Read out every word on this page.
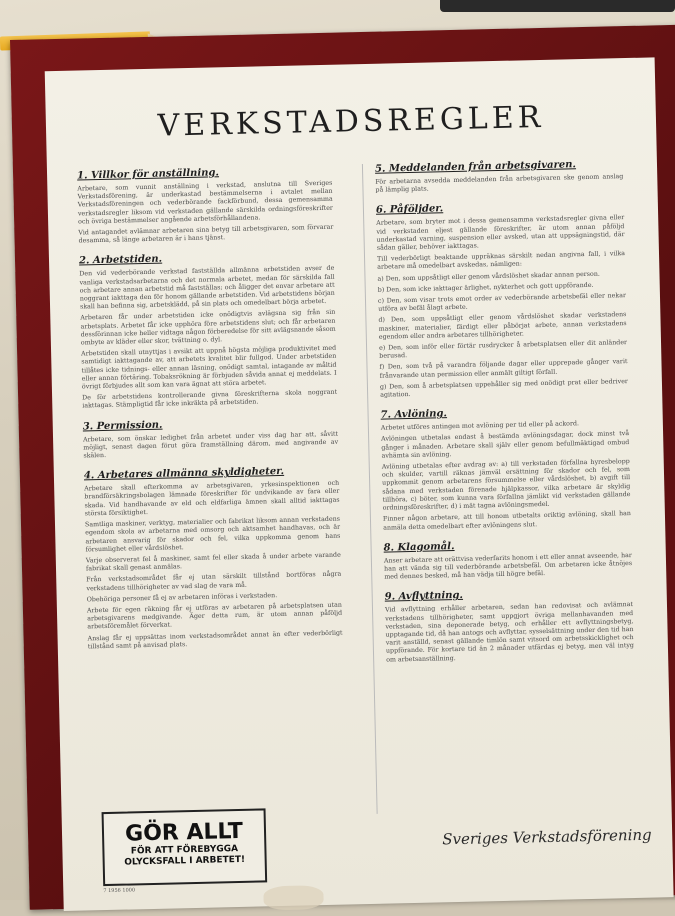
VERKSTADSREGLER
1. Villkor för anställning.

Arbetare, som vunnit anställning i verkstad, anslutna till Sveriges Verkstadsförening, är underkastad bestämmelserna i avtalet mellan Verkstadsföreningen och vederbörande fackförbund, dessa gemensamma verkstadsregler liksom vid verkstaden gällande särskilda ordningsföreskrifter och övriga bestämmelser angående arbetsförhållandena.

Vid antagandet avlämnar arbetaren sina betyg till arbetsgivaren, som förvarar desamma, så länge arbetaren är i hans tjänst.

2. Arbetstiden.

Den vid vederbörande verkstad fastställda allmänna arbetstiden avser de vanliga verkstadsarbetarna och det normala arbetet, medan för särskilda fall och arbetare annan arbetstid må fastställas; och åligger det envar arbetare att noggrant iakttaga den för honom gällande arbetstiden. Vid arbetstidens början skall han befinna sig, arbetsklädd, på sin plats och omedelbart börja arbetet.

Arbetaren får under arbetstiden icke onödigtvis avlägsna sig från sin arbetsplats. Arbetet får icke upphöra före arbetstidens slut; och får arbetaren dessförinnan icke heller vidtaga någon förberedelse för sitt avlägsnande såsom ombyte av kläder eller skor, tvättning o. dyl.

Arbetstiden skall utnyttjas i avsikt att uppnå högsta möjliga produktivitet med samtidigt iakttagande av, att arbetets kvalitet blir fullgod. Under arbetstiden tillåtes icke tidnings- eller annan läsning, onödigt samtal, intagande av måltid eller annan förtäring. Tobaksrökning är förbjuden såvida annat ej meddelats. I övrigt förbjudes allt som kan vara ägnat att störa arbetet.

De för arbetstidens kontrollerande givna föreskrifterna skola noggrant iakttagas. Stämpligtid får icke inkräkta på arbetstiden.

3. Permission.

Arbetare, som önskar ledighet från arbetet under viss dag har att, såvitt möjligt, senast dagen förut göra framställning därom, med angivande av skälen.

4. Arbetares allmänna skyldigheter.

Arbetare skall efterkomma av arbetsgivaren, yrkesinspektionen och brandförsäkringsbolagen lämnade föreskrifter för undvikande av fara eller skada. Vid handhavande av eld och eldfarliga ämnen skall alltid iakttagas största försiktighet.

Samtliga maskiner, verktyg, materialier och fabrikat liksom annan verkstadens egendom skola av arbetarna med omsorg och aktsamhet handhavas, och är arbetaren ansvarig för skador och fel, vilka uppkomma genom hans försumlighet eller vårdslöshet.

Varje observerat fel å maskiner, samt fel eller skada å under arbete varande fabrikat skall genast anmälas.

Från verkstadsområdet får ej utan särskilt tillstånd bortföras några verkstadens tillhörigheter av vad slag de vara må.

Obehöriga personer få ej av arbetaren införas i verkstaden.

Arbete för egen räkning får ej utföras av arbetaren på arbetsplatsen utan arbetsgivarens medgivande. Äger detta rum, är utom annan påföljd arbetsföremålet förverkat.

Anslag får ej uppsättas inom verkstadsområdet annat än efter vederbörligt tillstånd samt på anvisad plats.

5. Meddelanden från arbetsgivaren.

För arbetarna avsedda meddelanden från arbetsgivaren ske genom anslag på lämplig plats.

6. Påföljder.

Arbetare, som bryter mot i dessa gemensamma verkstadsregler givna eller vid verkstaden eljest gällande föreskrifter, är utom annan påföljd underkastad varning, suspension eller avsked, utan att uppsägningstid, där sådan gäller, behöver iakttagas.

Till vederbörligt beaktande uppräknas särskilt nedan angivna fall, i vilka arbetare må omedelbart avskedas, nämligen:

a) Den, som uppsåtligt eller genom vårdslöshet skadar annan person.

b) Den, som icke iakttager ärlighet, nykterhet och gott uppförande.

c) Den, som visar trots emot order av vederbörande arbetsbefäl eller nekar utföra av befäl ålagt arbete.

d) Den, som uppsåtligt eller genom vårdslöshet skadar verkstadens maskiner, materialier, färdigt eller påbörjat arbete, annan verkstadens egendom eller andra arbetares tillhörigheter.

e) Den, som inför eller förtär rusdrycker å arbetsplatsen eller dit anländer berusad.

f) Den, som två på varandra följande dagar eller upprepade gånger varit frånvarande utan permission eller anmält giltigt förfall.

g) Den, som å arbetsplatsen uppehåller sig med onödigt prat eller bedriver agitation.

7. Avlöning.

Arbetet utföres antingen mot avlöning per tid eller på ackord.

Avlöningen utbetalas endast å bestämda avlöningsdagar, dock minst två gånger i månaden. Arbetare skall själv eller genom befullmäktigad ombud avhämta sin avlöning.

Avlöning utbetalas efter avdrag av: a) till verkstaden förfallna hyresbelopp och skulder, vartill räknas jämväl ersättning för skador och fel, som uppkommit genom arbetarens försummelse eller vårdslöshet, b) avgift till sådana med verkstaden förenade hjälpkassor, vilka arbetare är skyldig tillhöra, c) böter, som kunna vara förfallna jämlikt vid verkstaden gällande ordningsföreskrifter, d) i mät tagna avlöningsmedel.

Finner någon arbetare, att till honom utbetalts oriktig avlöning, skall han anmäla detta omedelbart efter avlöningens slut.

8. Klagomål.

Anser arbetare att orättvisa vederfarits honom i ett eller annat avseende, har han att vända sig till vederbörande arbetsbefäl. Om arbetaren icke åtnöjes med dennes besked, må han vädja till högre befäl.

9. Avflyttning.

Vid avflyttning erhåller arbetaren, sedan han redovisat och avlämnat verkstadens tillhörigheter, samt uppgjort övriga mellanhavanden med verkstaden, sina deponerade betyg, och erhåller ett avflyttningsbetyg, upptagande tid, då han antogs och avflyttar, sysselsättning under den tid han varit anställd, senast gällande timlön samt vitsord om arbetsskicklighet och uppförande. För kortare tid än 2 månader utfärdas ej betyg, men väl intyg om arbetsanställning.

GÖR ALLT
FÖR ATT FÖREBYGGA
OLYCKSFALL I ARBETET!
7 1956 1000
Sveriges Verkstadsförening
